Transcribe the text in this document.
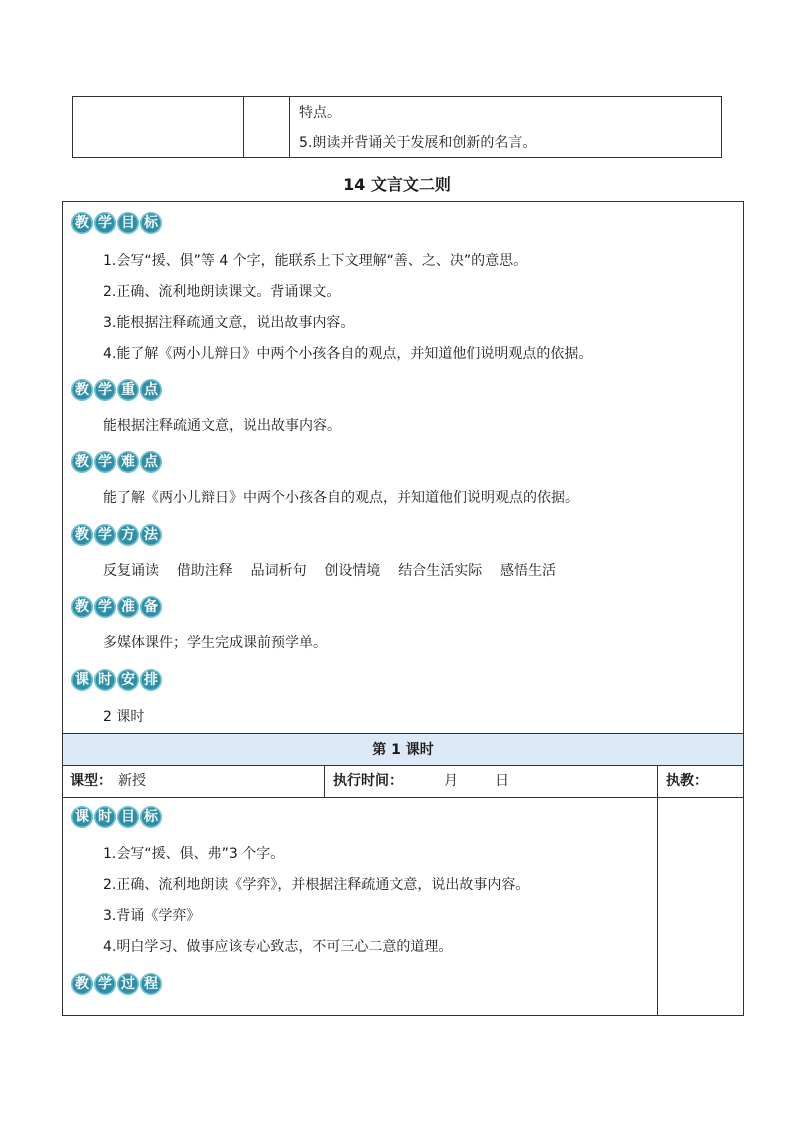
特点。
5.朗读并背诵关于发展和创新的名言。
14 文言文二则
教 学 目 标
1.会写“援、俱”等 4 个字，能联系上下文理解“善、之、决”的意思。
2.正确、流利地朗读课文。背诵课文。
3.能根据注释疏通文意，说出故事内容。
4.能了解《两小儿辩日》中两个小孩各自的观点，并知道他们说明观点的依据。
教 学 重 点
能根据注释疏通文意，说出故事内容。
教 学 难 点
能了解《两小儿辩日》中两个小孩各自的观点，并知道他们说明观点的依据。
教 学 方 法
反复诵读    借助注释    品词析句    创设情境    结合生活实际    感悟生活
教 学 准 备
多媒体课件；学生完成课前预学单。
课 时 安 排
2 课时
第 1 课时
课型： 新授	执行时间：	月	日	执教：
课 时 目 标
1.会写“援、俱、弗”3 个字。
2.正确、流利地朗读《学弈》，并根据注释疏通文意，说出故事内容。
3.背诵《学弈》
4.明白学习、做事应该专心致志，不可三心二意的道理。
教 学 过 程
